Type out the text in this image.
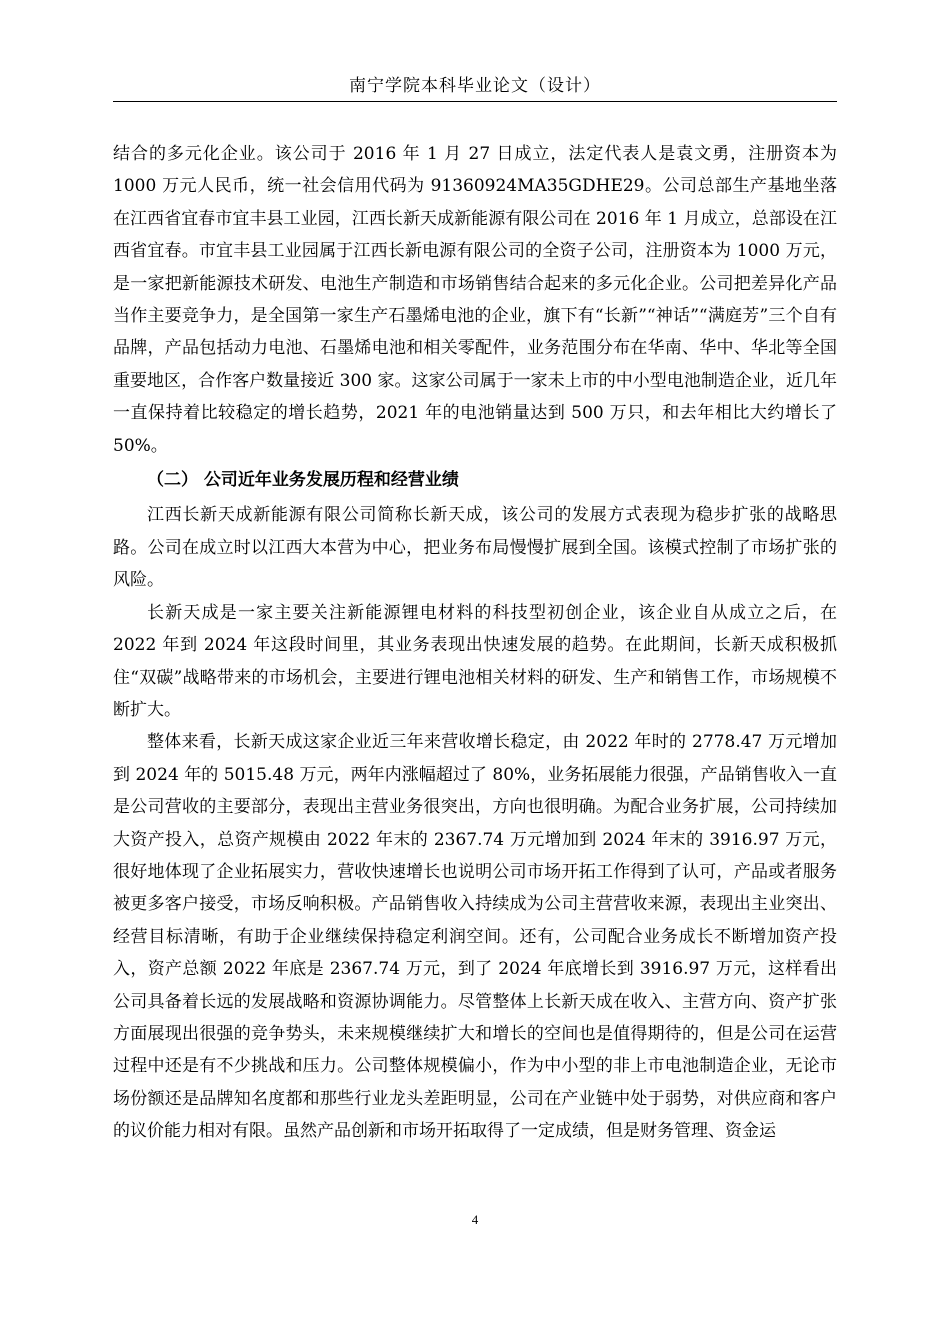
南宁学院本科毕业论文（设计）

结合的多元化企业。该公司于 2016 年 1 月 27 日成立，法定代表人是袁文勇，注册资本为 1000 万元人民币，统一社会信用代码为 91360924MA35GDHE29。公司总部生产基地坐落在江西省宜春市宜丰县工业园，江西长新天成新能源有限公司在 2016 年 1 月成立，总部设在江西省宜春。市宜丰县工业园属于江西长新电源有限公司的全资子公司，注册资本为 1000 万元，是一家把新能源技术研发、电池生产制造和市场销售结合起来的多元化企业。公司把差异化产品当作主要竞争力，是全国第一家生产石墨烯电池的企业，旗下有“长新”“神话”“满庭芳”三个自有品牌，产品包括动力电池、石墨烯电池和相关零配件，业务范围分布在华南、华中、华北等全国重要地区，合作客户数量接近 300 家。这家公司属于一家未上市的中小型电池制造企业，近几年一直保持着比较稳定的增长趋势，2021 年的电池销量达到 500 万只，和去年相比大约增长了 50%。

（二） 公司近年业务发展历程和经营业绩

江西长新天成新能源有限公司简称长新天成，该公司的发展方式表现为稳步扩张的战略思路。公司在成立时以江西大本营为中心，把业务布局慢慢扩展到全国。该模式控制了市场扩张的风险。

长新天成是一家主要关注新能源锂电材料的科技型初创企业，该企业自从成立之后，在 2022 年到 2024 年这段时间里，其业务表现出快速发展的趋势。在此期间，长新天成积极抓住“双碳”战略带来的市场机会，主要进行锂电池相关材料的研发、生产和销售工作，市场规模不断扩大。

整体来看，长新天成这家企业近三年来营收增长稳定，由 2022 年时的 2778.47 万元增加到 2024 年的 5015.48 万元，两年内涨幅超过了 80%，业务拓展能力很强，产品销售收入一直是公司营收的主要部分，表现出主营业务很突出，方向也很明确。为配合业务扩展，公司持续加大资产投入，总资产规模由 2022 年末的 2367.74 万元增加到 2024 年末的 3916.97 万元，很好地体现了企业拓展实力，营收快速增长也说明公司市场开拓工作得到了认可，产品或者服务被更多客户接受，市场反响积极。产品销售收入持续成为公司主营营收来源，表现出主业突出、经营目标清晰，有助于企业继续保持稳定利润空间。还有，公司配合业务成长不断增加资产投入，资产总额 2022 年底是 2367.74 万元，到了 2024 年底增长到 3916.97 万元，这样看出公司具备着长远的发展战略和资源协调能力。尽管整体上长新天成在收入、主营方向、资产扩张方面展现出很强的竞争势头，未来规模继续扩大和增长的空间也是值得期待的，但是公司在运营过程中还是有不少挑战和压力。公司整体规模偏小，作为中小型的非上市电池制造企业，无论市场份额还是品牌知名度都和那些行业龙头差距明显，公司在产业链中处于弱势，对供应商和客户的议价能力相对有限。虽然产品创新和市场开拓取得了一定成绩，但是财务管理、资金运

4
